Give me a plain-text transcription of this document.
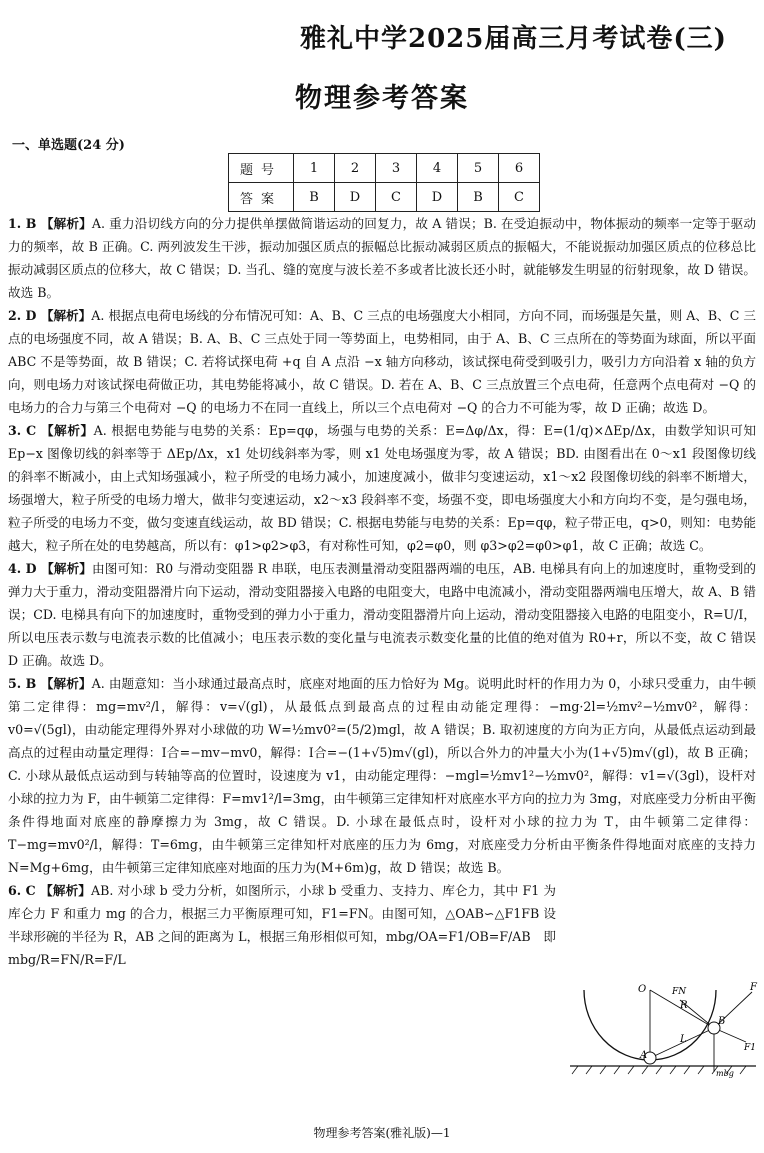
雅礼中学2025届高三月考试卷(三)
物理参考答案
一、单选题(24 分)
题号	1	2	3	4	5	6
答案	B	D	C	D	B	C
1. B 【解析】A. 重力沿切线方向的分力提供单摆做简谐运动的回复力，故 A 错误；B. 在受迫振动中，物体振动的频率一定等于驱动力的频率，故 B 正确。C. 两列波发生干涉，振动加强区质点的振幅总比振动减弱区质点的振幅大，不能说振动加强区质点的位移总比振动减弱区质点的位移大，故 C 错误；D. 当孔、缝的宽度与波长差不多或者比波长还小时，就能够发生明显的衍射现象，故 D 错误。故选 B。
2. D 【解析】A. 根据点电荷电场线的分布情况可知：A、B、C 三点的电场强度大小相同，方向不同，而场强是矢量，则 A、B、C 三点的电场强度不同，故 A 错误；B. A、B、C 三点处于同一等势面上，电势相同，由于 A、B、C 三点所在的等势面为球面，所以平面 ABC 不是等势面，故 B 错误；C. 若将试探电荷 +q 自 A 点沿 −x 轴方向移动，该试探电荷受到吸引力，吸引力方向沿着 x 轴的负方向，则电场力对该试探电荷做正功，其电势能将减小，故 C 错误。D. 若在 A、B、C 三点放置三个点电荷，任意两个点电荷对 −Q 的电场力的合力与第三个电荷对 −Q 的电场力不在同一直线上，所以三个点电荷对 −Q 的合力不可能为零，故 D 正确；故选 D。
3. C 【解析】A. 根据电势能与电势的关系：Ep=qφ，场强与电势的关系：E=Δφ/Δx，得：E=(1/q)×ΔEp/Δx，由数学知识可知 Ep−x 图像切线的斜率等于 ΔEp/Δx，x1 处切线斜率为零，则 x1 处电场强度为零，故 A 错误；BD. 由图看出在 0～x1 段图像切线的斜率不断减小，由上式知场强减小，粒子所受的电场力减小，加速度减小，做非匀变速运动，x1～x2 段图像切线的斜率不断增大，场强增大，粒子所受的电场力增大，做非匀变速运动，x2～x3 段斜率不变，场强不变，即电场强度大小和方向均不变，是匀强电场，粒子所受的电场力不变，做匀变速直线运动，故 BD 错误；C. 根据电势能与电势的关系：Ep=qφ，粒子带正电，q>0，则知：电势能越大，粒子所在处的电势越高，所以有：φ1>φ2>φ3，有对称性可知，φ2=φ0，则 φ3>φ2=φ0>φ1，故 C 正确；故选 C。
4. D 【解析】由图可知：R0 与滑动变阻器 R 串联，电压表测量滑动变阻器两端的电压，AB. 电梯具有向上的加速度时，重物受到的弹力大于重力，滑动变阻器滑片向下运动，滑动变阻器接入电路的电阻变大，电路中电流减小，滑动变阻器两端电压增大，故 A、B 错误；CD. 电梯具有向下的加速度时，重物受到的弹力小于重力，滑动变阻器滑片向上运动，滑动变阻器接入电路的电阻变小，R=U/I，所以电压表示数与电流表示数的比值减小；电压表示数的变化量与电流表示数变化量的比值的绝对值为 R0+r，所以不变，故 C 错误 D 正确。故选 D。
5. B 【解析】A. 由题意知：当小球通过最高点时，底座对地面的压力恰好为 Mg。说明此时杆的作用力为 0，小球只受重力，由牛顿第二定律得：mg=mv²/l，解得：v=√(gl)，从最低点到最高点的过程由动能定理得：−mg·2l=½mv²−½mv0²，解得：v0=√(5gl)，由动能定理得外界对小球做的功 W=½mv0²=(5/2)mgl，故 A 错误；B. 取初速度的方向为正方向，从最低点运动到最高点的过程由动量定理得：I合=−mv−mv0，解得：I合=−(1+√5)m√(gl)，所以合外力的冲量大小为(1+√5)m√(gl)，故 B 正确；C. 小球从最低点运动到与转轴等高的位置时，设速度为 v1，由动能定理得：−mgl=½mv1²−½mv0²，解得：v1=√(3gl)，设杆对小球的拉力为 F，由牛顿第二定律得：F=mv1²/l=3mg，由牛顿第三定律知杆对底座水平方向的拉力为 3mg，对底座受力分析由平衡条件得地面对底座的静摩擦力为 3mg，故 C 错误。D. 小球在最低点时，设杆对小球的拉力为 T，由牛顿第二定律得：T−mg=mv0²/l，解得：T=6mg，由牛顿第三定律知杆对底座的压力为 6mg，对底座受力分析由平衡条件得地面对底座的支持力 N=Mg+6mg，由牛顿第三定律知底座对地面的压力为(M+6m)g，故 D 错误；故选 B。
6. C 【解析】AB. 对小球 b 受力分析，如图所示，小球 b 受重力、支持力、库仑力，其中 F1 为库仑力 F 和重力 mg 的合力，根据三力平衡原理可知，F1=FN。由图可知，△OAB∽△F1FB 设半球形碗的半径为 R，AB 之间的距离为 L，根据三角形相似可知，mbg/OA=F1/OB=F/AB　即 mbg/R=FN/R=F/L
O	FN	F
R
B
A
L
F1
mbg
物理参考答案(雅礼版)—1
